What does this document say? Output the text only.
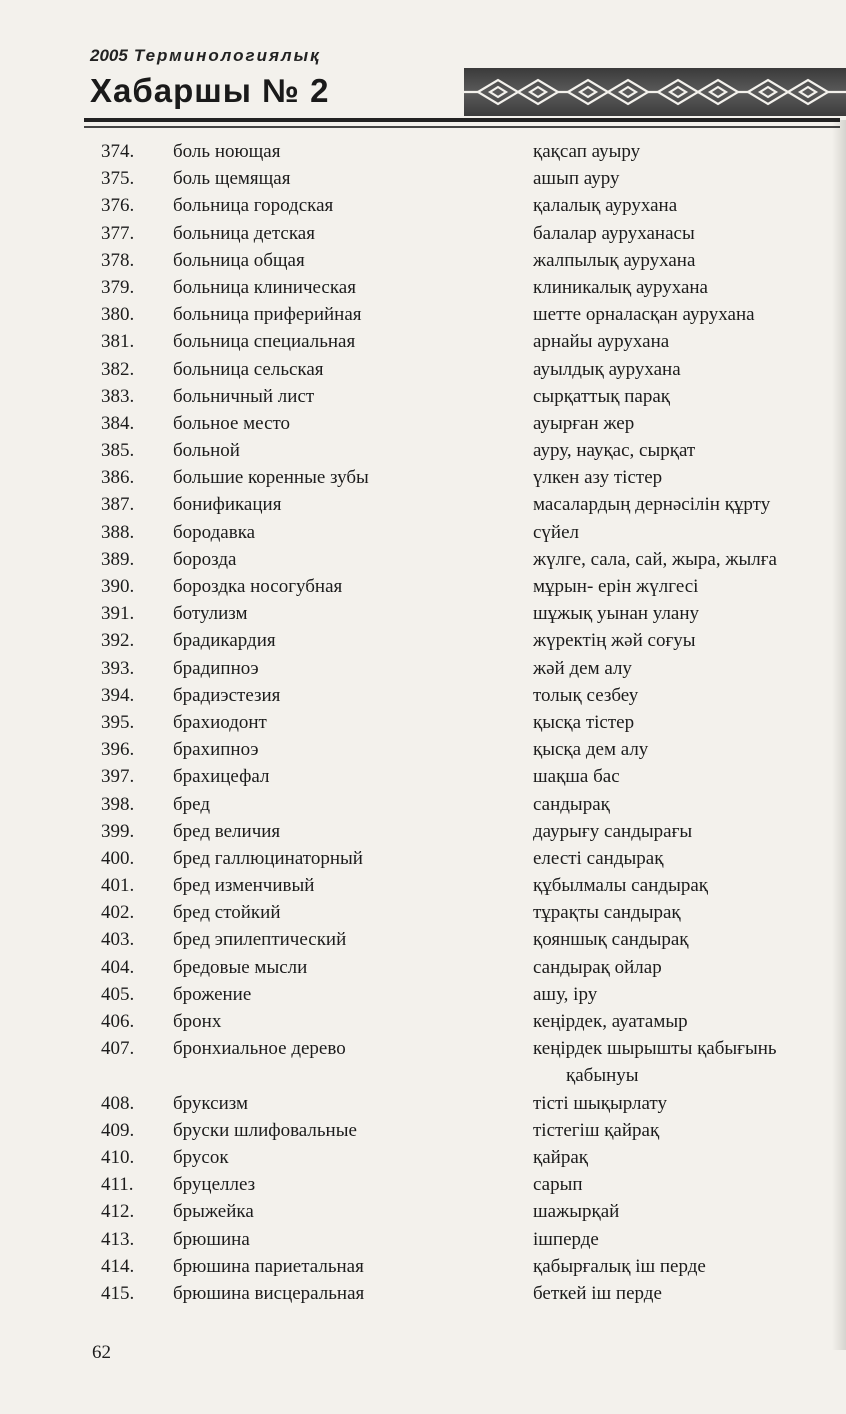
2005 Терминологиялық
Хабаршы № 2
374. боль ноющая	қақсап ауыру
375. боль щемящая	ашып ауру
376. больница городская	қалалық аурухана
377. больница детская	балалар ауруханасы
378. больница общая	жалпылық аурухана
379. больница клиническая	клиникалық аурухана
380. больница приферийная	шетте орналасқан аурухана
381. больница специальная	арнайы аурухана
382. больница сельская	ауылдық аурухана
383. больничный лист	сырқаттық парақ
384. больное место	ауырған жер
385. больной	ауру, науқас, сырқат
386. большие коренные зубы	үлкен азу тістер
387. бонификация	масалардың дернәсілін құрту
388. бородавка	сүйел
389. борозда	жүлге, сала, сай, жыра, жылға
390. бороздка носогубная	мұрын- ерін жүлгесі
391. ботулизм	шұжық уынан улану
392. брадикардия	жүректің жәй соғуы
393. брадипноэ	жәй дем алу
394. брадиэстезия	толық сезбеу
395. брахиодонт	қысқа тістер
396. брахипноэ	қысқа дем алу
397. брахицефал	шақша бас
398. бред	сандырақ
399. бред величия	даурығу сандырағы
400. бред галлюцинаторный	елесті сандырақ
401. бред изменчивый	құбылмалы сандырақ
402. бред стойкий	тұрақты сандырақ
403. бред эпилептический	қояншық сандырақ
404. бредовые мысли	сандырақ ойлар
405. брожение	ашу, іру
406. бронх	кеңірдек, ауатамыр
407. бронхиальное дерево	кеңірдек шырышты қабығынь
қабынуы
408. бруксизм	тісті шықырлату
409. бруски шлифовальные	тістегіш қайрақ
410. брусок	қайрақ
411. бруцеллез	сарып
412. брыжейка	шажырқай
413. брюшина	ішперде
414. брюшина париетальная	қабырғалық іш перде
415. брюшина висцеральная	беткей іш перде
62
